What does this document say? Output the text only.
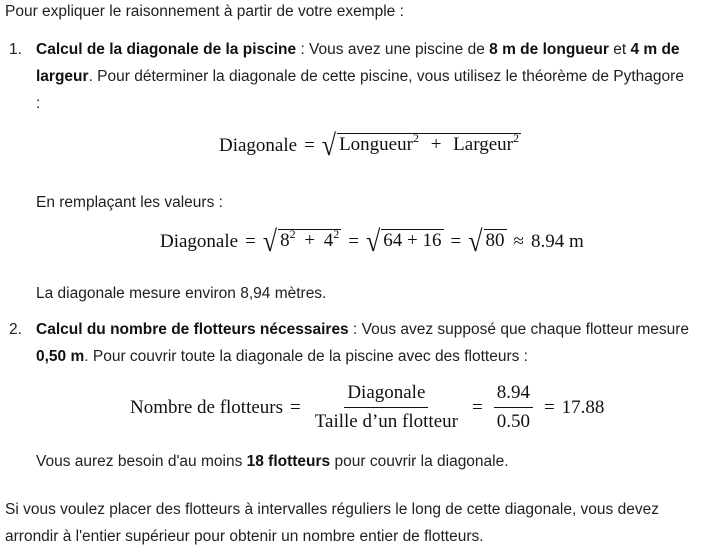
Pour expliquer le raisonnement à partir de votre exemple :

1. Calcul de la diagonale de la piscine : Vous avez une piscine de 8 m de longueur et 4 m de

largeur. Pour déterminer la diagonale de cette piscine, vous utilisez le théorème de Pythagore

:

Diagonale = √ Longueur$^2$ + Largeur$^2$

En remplaçant les valeurs :

Diagonale = √ $8^2 + 4^2$ = √ 64 + 16 = √ 80 ≈ 8.94 m

La diagonale mesure environ 8,94 mètres.

2. Calcul du nombre de flotteurs nécessaires : Vous avez supposé que chaque flotteur mesure

0,50 m. Pour couvrir toute la diagonale de la piscine avec des flotteurs :

Nombre de flotteurs = $\frac{\text{Diagonale}}{\text{Taille d’un flotteur}} = \frac{8.94}{0.50} = 17.88$

Vous aurez besoin d'au moins 18 flotteurs pour couvrir la diagonale.

Si vous voulez placer des flotteurs à intervalles réguliers le long de cette diagonale, vous devez

arrondir à l'entier supérieur pour obtenir un nombre entier de flotteurs.
